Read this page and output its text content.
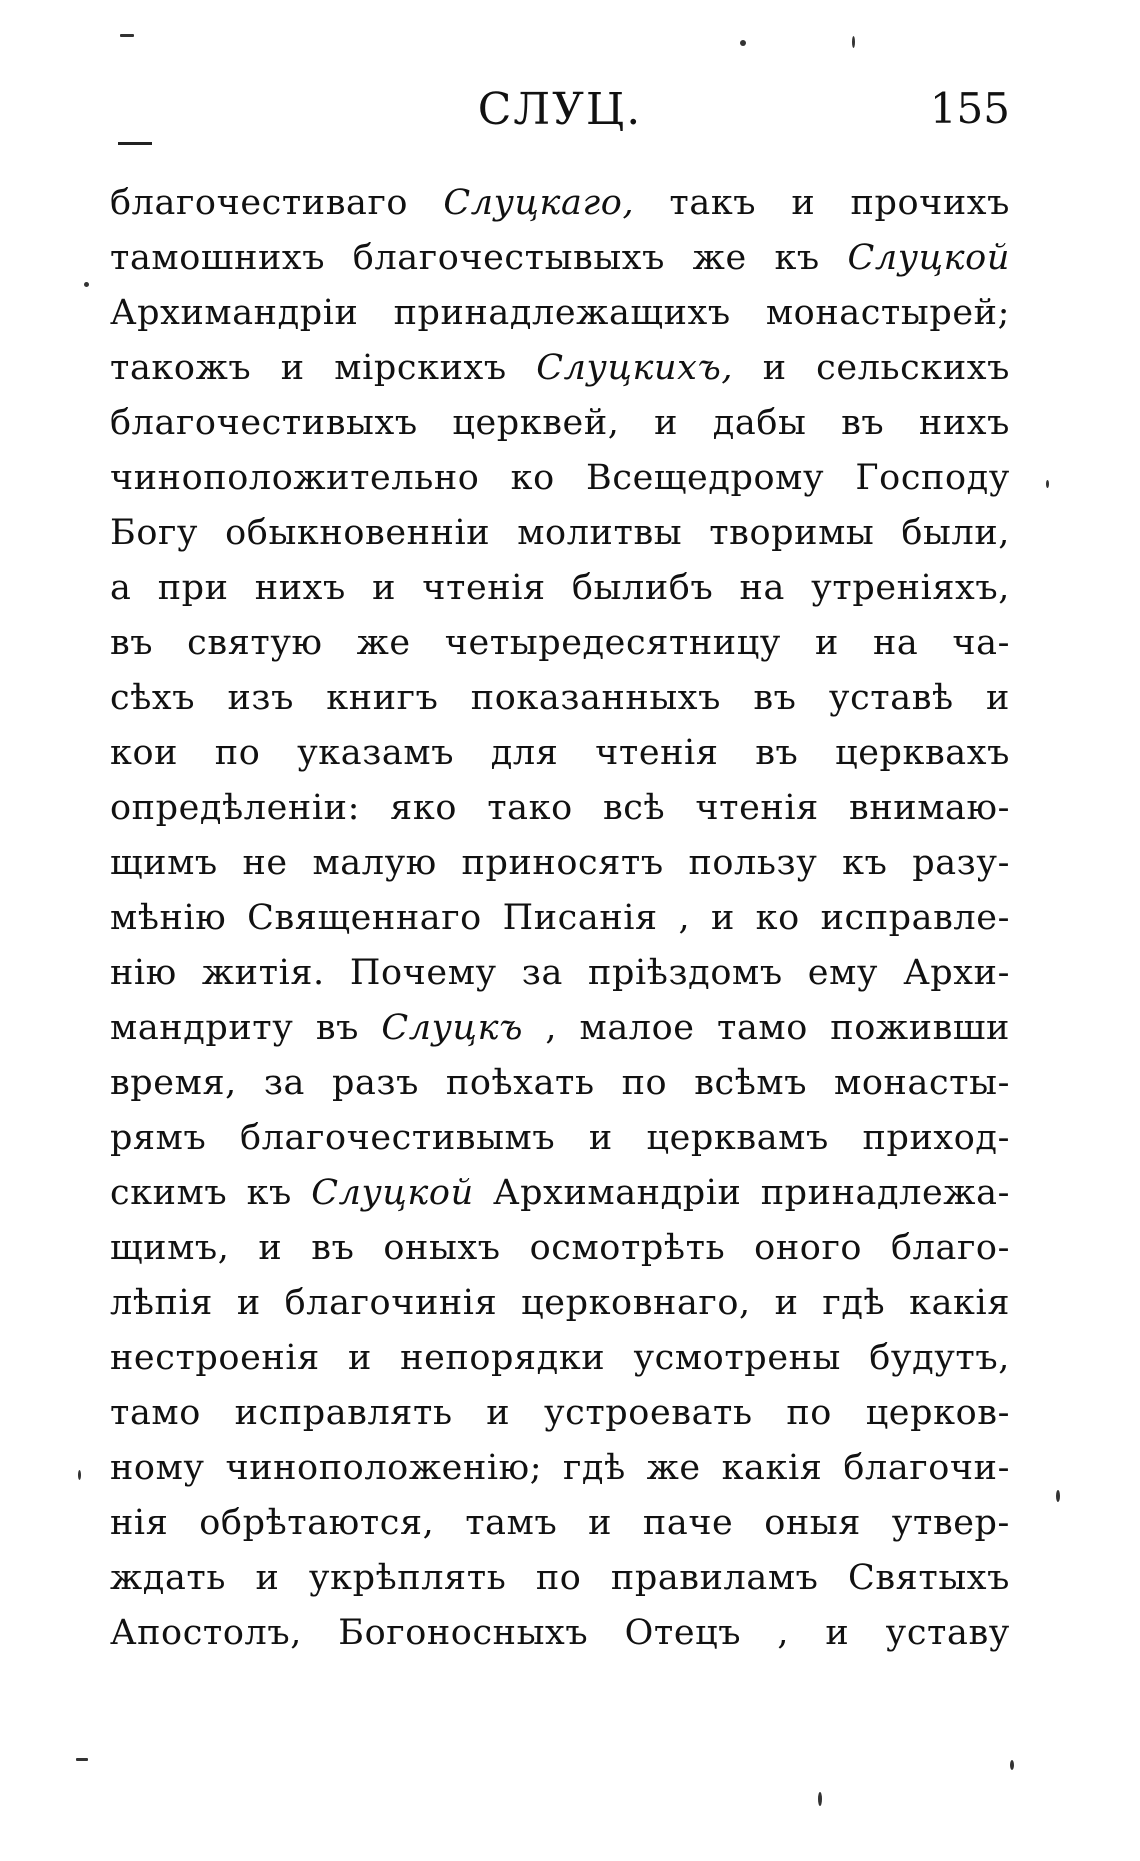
СЛУЦ.	155
благочестиваго Слуцкаго, такъ и прочихъ
тамошнихъ благочестывыхъ же къ Слуцкой
Архимандріи принадлежащихъ монастырей;
такожъ и мірскихъ Слуцкихъ, и сельскихъ
благочестивыхъ церквей, и дабы въ нихъ
чиноположительно ко Всещедрому Господу
Богу обыкновенніи молитвы творимы были,
а при нихъ и чтенія былибъ на утреніяхъ,
въ святую же четыредесятницу и на ча-
сѣхъ изъ книгъ показанныхъ въ уставѣ и
кои по указамъ для чтенія въ церквахъ
опредѣленіи: яко тако всѣ чтенія внимаю-
щимъ не малую приносятъ пользу къ разу-
мѣнію Священнаго Писанія , и ко исправле-
нію житія. Почему за пріѣздомъ ему Архи-
мандриту въ Слуцкъ , малое тамо поживши
время, за разъ поѣхать по всѣмъ монасты-
рямъ благочестивымъ и церквамъ приход-
скимъ къ Слуцкой Архимандріи принадлежа-
щимъ, и въ оныхъ осмотрѣть оного благо-
лѣпія и благочинія церковнаго, и гдѣ какія
нестроенія и непорядки усмотрены будутъ,
тамо исправлять и устроевать по церков-
ному чиноположенію; гдѣ же какія благочи-
нія обрѣтаются, тамъ и паче оныя утвер-
ждать и укрѣплять по правиламъ Святыхъ
Апостолъ, Богоносныхъ Отецъ , и уставу
